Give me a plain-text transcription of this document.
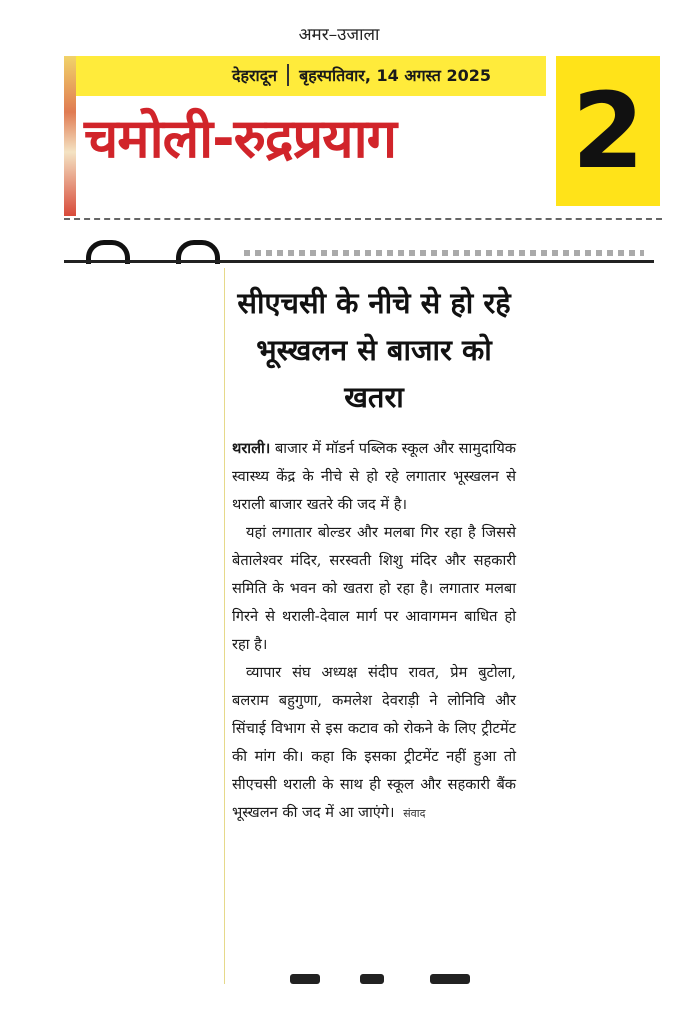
अमर–उजाला
देहरादून बृहस्पतिवार, 14 अगस्त 2025
चमोली-रुद्रप्रयाग 2
सीएचसी के नीचे से हो रहे भूस्खलन से बाजार को खतरा

थराली। बाजार में मॉडर्न पब्लिक स्कूल और सामुदायिक स्वास्थ्य केंद्र के नीचे से हो रहे लगातार भूस्खलन से थराली बाजार खतरे की जद में है।

यहां लगातार बोल्डर और मलबा गिर रहा है जिससे बेतालेश्वर मंदिर, सरस्वती शिशु मंदिर और सहकारी समिति के भवन को खतरा हो रहा है। लगातार मलबा गिरने से थराली-देवाल मार्ग पर आवागमन बाधित हो रहा है।

व्यापार संघ अध्यक्ष संदीप रावत, प्रेम बुटोला, बलराम बहुगुणा, कमलेश देवराड़ी ने लोनिवि और सिंचाई विभाग से इस कटाव को रोकने के लिए ट्रीटमेंट की मांग की। कहा कि इसका ट्रीटमेंट नहीं हुआ तो सीएचसी थराली के साथ ही स्कूल और सहकारी बैंक भूस्खलन की जद में आ जाएंगे। संवाद
